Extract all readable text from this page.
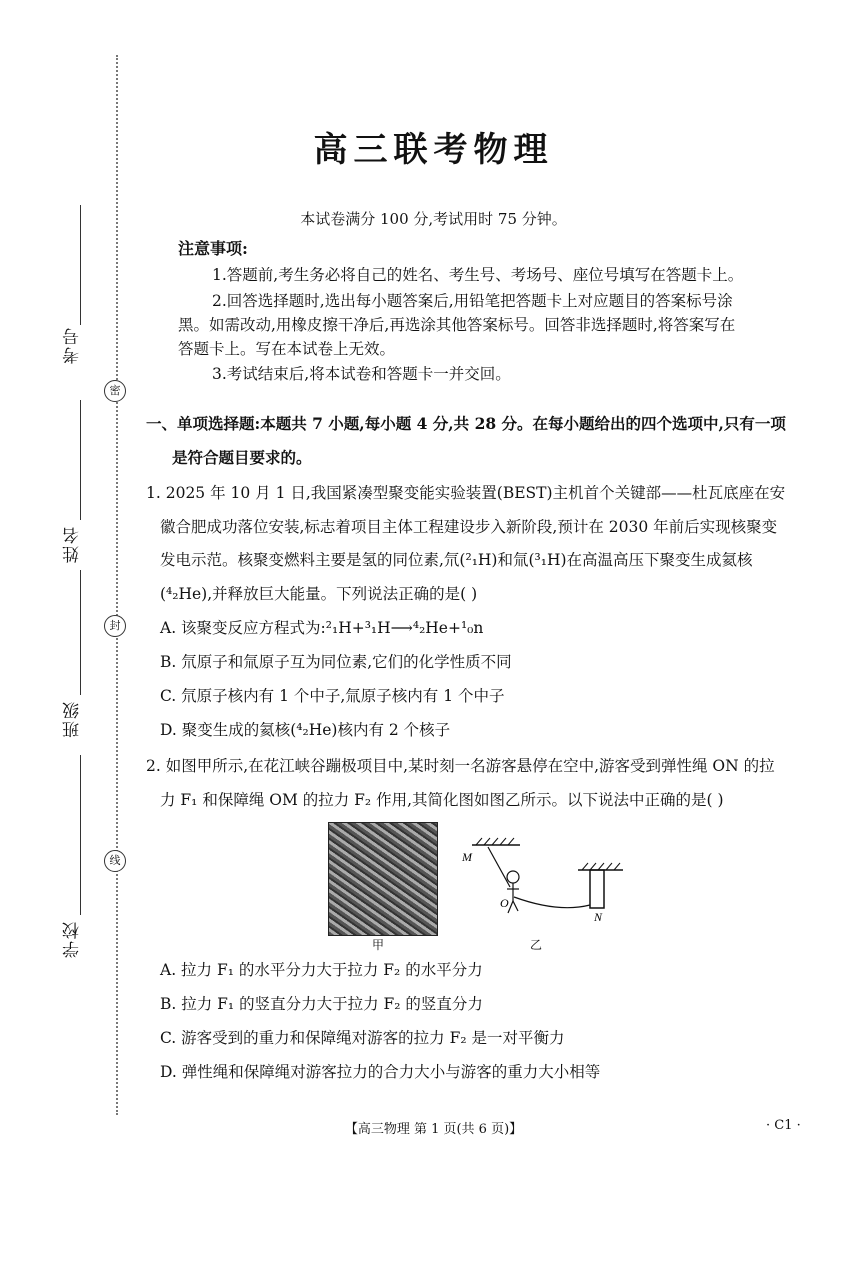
考号
密
姓名
封
班级
线
学校
高三联考物理
本试卷满分 100 分,考试用时 75 分钟。
注意事项:
1.答题前,考生务必将自己的姓名、考生号、考场号、座位号填写在答题卡上。
2.回答选择题时,选出每小题答案后,用铅笔把答题卡上对应题目的答案标号涂
黑。如需改动,用橡皮擦干净后,再选涂其他答案标号。回答非选择题时,将答案写在
答题卡上。写在本试卷上无效。
3.考试结束后,将本试卷和答题卡一并交回。
一、单项选择题:本题共 7 小题,每小题 4 分,共 28 分。在每小题给出的四个选项中,只有一项
是符合题目要求的。
1. 2025 年 10 月 1 日,我国紧凑型聚变能实验装置(BEST)主机首个关键部——杜瓦底座在安
徽合肥成功落位安装,标志着项目主体工程建设步入新阶段,预计在 2030 年前后实现核聚变
发电示范。核聚变燃料主要是氢的同位素,氘(²₁H)和氚(³₁H)在高温高压下聚变生成氦核
(⁴₂He),并释放巨大能量。下列说法正确的是( )
A. 该聚变反应方程式为:²₁H+³₁H⟶⁴₂He+¹₀n
B. 氘原子和氚原子互为同位素,它们的化学性质不同
C. 氘原子核内有 1 个中子,氚原子核内有 1 个中子
D. 聚变生成的氦核(⁴₂He)核内有 2 个核子
2. 如图甲所示,在花江峡谷蹦极项目中,某时刻一名游客悬停在空中,游客受到弹性绳 ON 的拉
力 F₁ 和保障绳 OM 的拉力 F₂ 作用,其简化图如图乙所示。以下说法中正确的是( )
甲
M
N
O
乙
A. 拉力 F₁ 的水平分力大于拉力 F₂ 的水平分力
B. 拉力 F₁ 的竖直分力大于拉力 F₂ 的竖直分力
C. 游客受到的重力和保障绳对游客的拉力 F₂ 是一对平衡力
D. 弹性绳和保障绳对游客拉力的合力大小与游客的重力大小相等
【高三物理 第 1 页(共 6 页)】	· C1 ·
